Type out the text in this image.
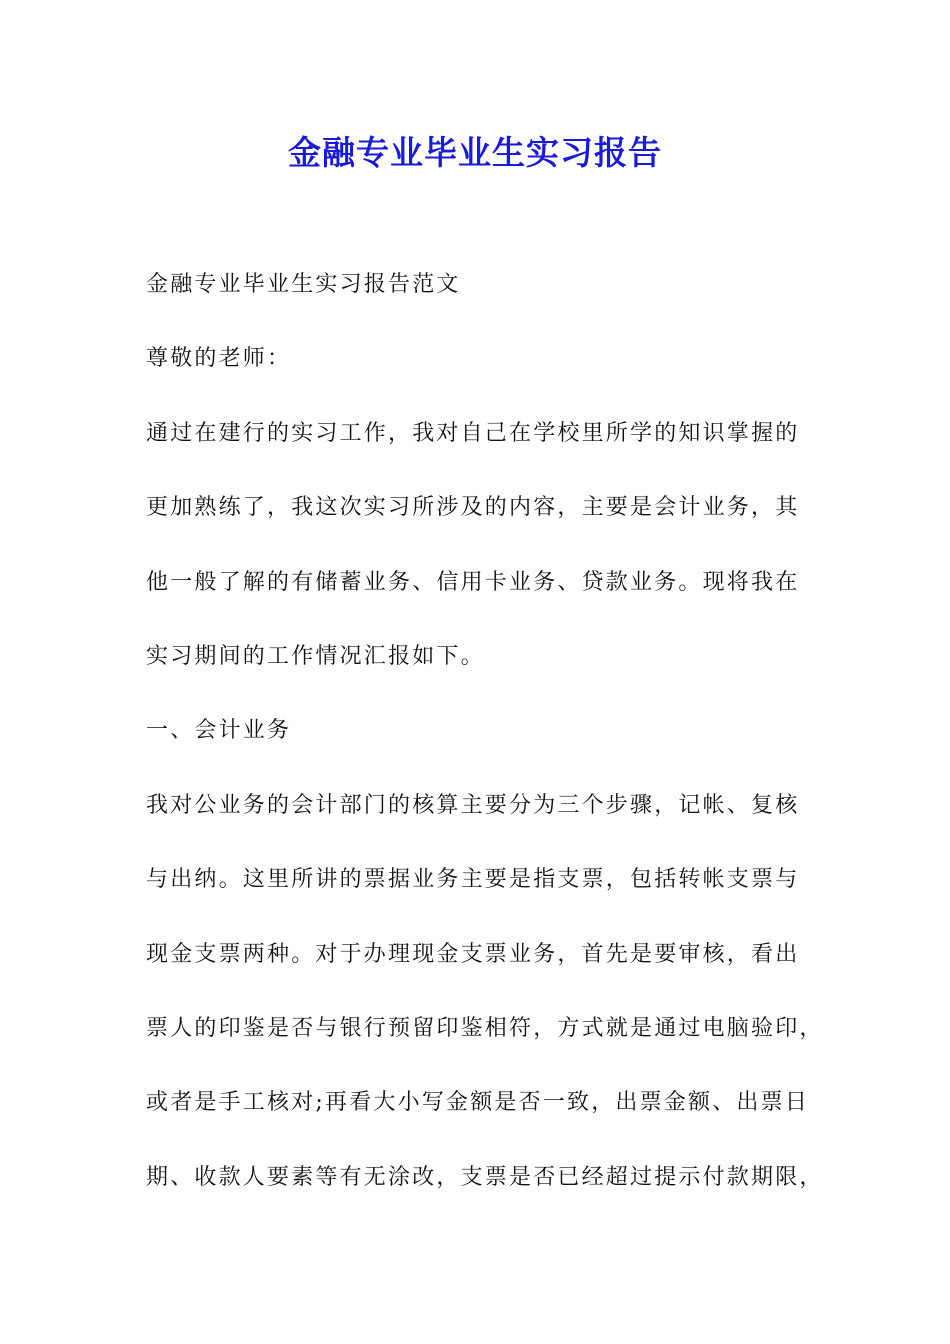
金融专业毕业生实习报告
金融专业毕业生实习报告范文
尊敬的老师：
通过在建行的实习工作，我对自己在学校里所学的知识掌握的
更加熟练了，我这次实习所涉及的内容，主要是会计业务，其
他一般了解的有储蓄业务、信用卡业务、贷款业务。现将我在
实习期间的工作情况汇报如下。
一、会计业务
我对公业务的会计部门的核算主要分为三个步骤，记帐、复核
与出纳。这里所讲的票据业务主要是指支票，包括转帐支票与
现金支票两种。对于办理现金支票业务，首先是要审核，看出
票人的印鉴是否与银行预留印鉴相符，方式就是通过电脑验印，
或者是手工核对;再看大小写金额是否一致，出票金额、出票日
期、收款人要素等有无涂改，支票是否已经超过提示付款期限，
